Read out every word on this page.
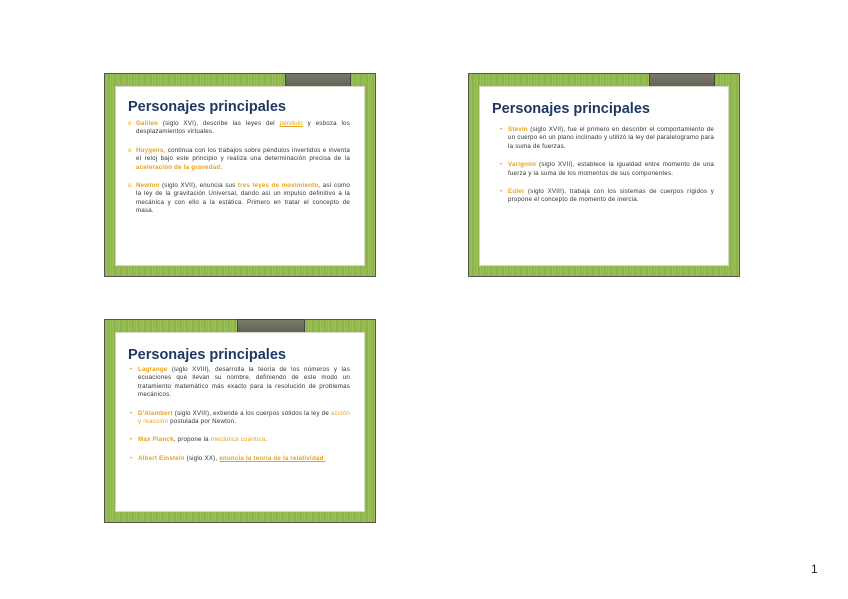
Personajes principales
o Galileo (siglo XVI), describe las leyes del péndulo y esboza los desplazamientos virtuales.
o Huygens, continua con los trabajos sobre péndulos invertidos e inventa el reloj bajo este principio y realiza una determinación precisa de la aceleración de la gravedad.
o Newton (siglo XVII), enuncia sus tres leyes de movimiento, así como la ley de la gravitación Universal, dando así un impulso definitivo a la mecánica y con ello a la estática. Primero en tratar el concepto de masa.
Personajes principales
• Stevin (siglo XVII), fue el primero en describir el comportamiento de un cuerpo en un plano inclinado y utilizó la ley del paralelogramo para la suma de fuerzas.
• Varignon (siglo XVII), establece la igualdad entre momento de una fuerza y la suma de los momentos de sus componentes.
• Euler (siglo XVIII), trabaja con los sistemas de cuerpos rígidos y propone el concepto de momento de inercia.
Personajes principales
• Lagrange (siglo XVIII), desarrolla la teoría de los números y las ecuaciones que llevan su nombre, definiendo de este modo un tratamiento matemático más exacto para la resolución de problemas mecánicos.
• D'Alambert (siglo XVIII), extiende a los cuerpos sólidos la ley de acción y reacción postulada por Newton.
• Max Planck, propone la mecánica cuántica.
• Albert Einstein (siglo XX), enuncia la teoría de la relatividad.
1
